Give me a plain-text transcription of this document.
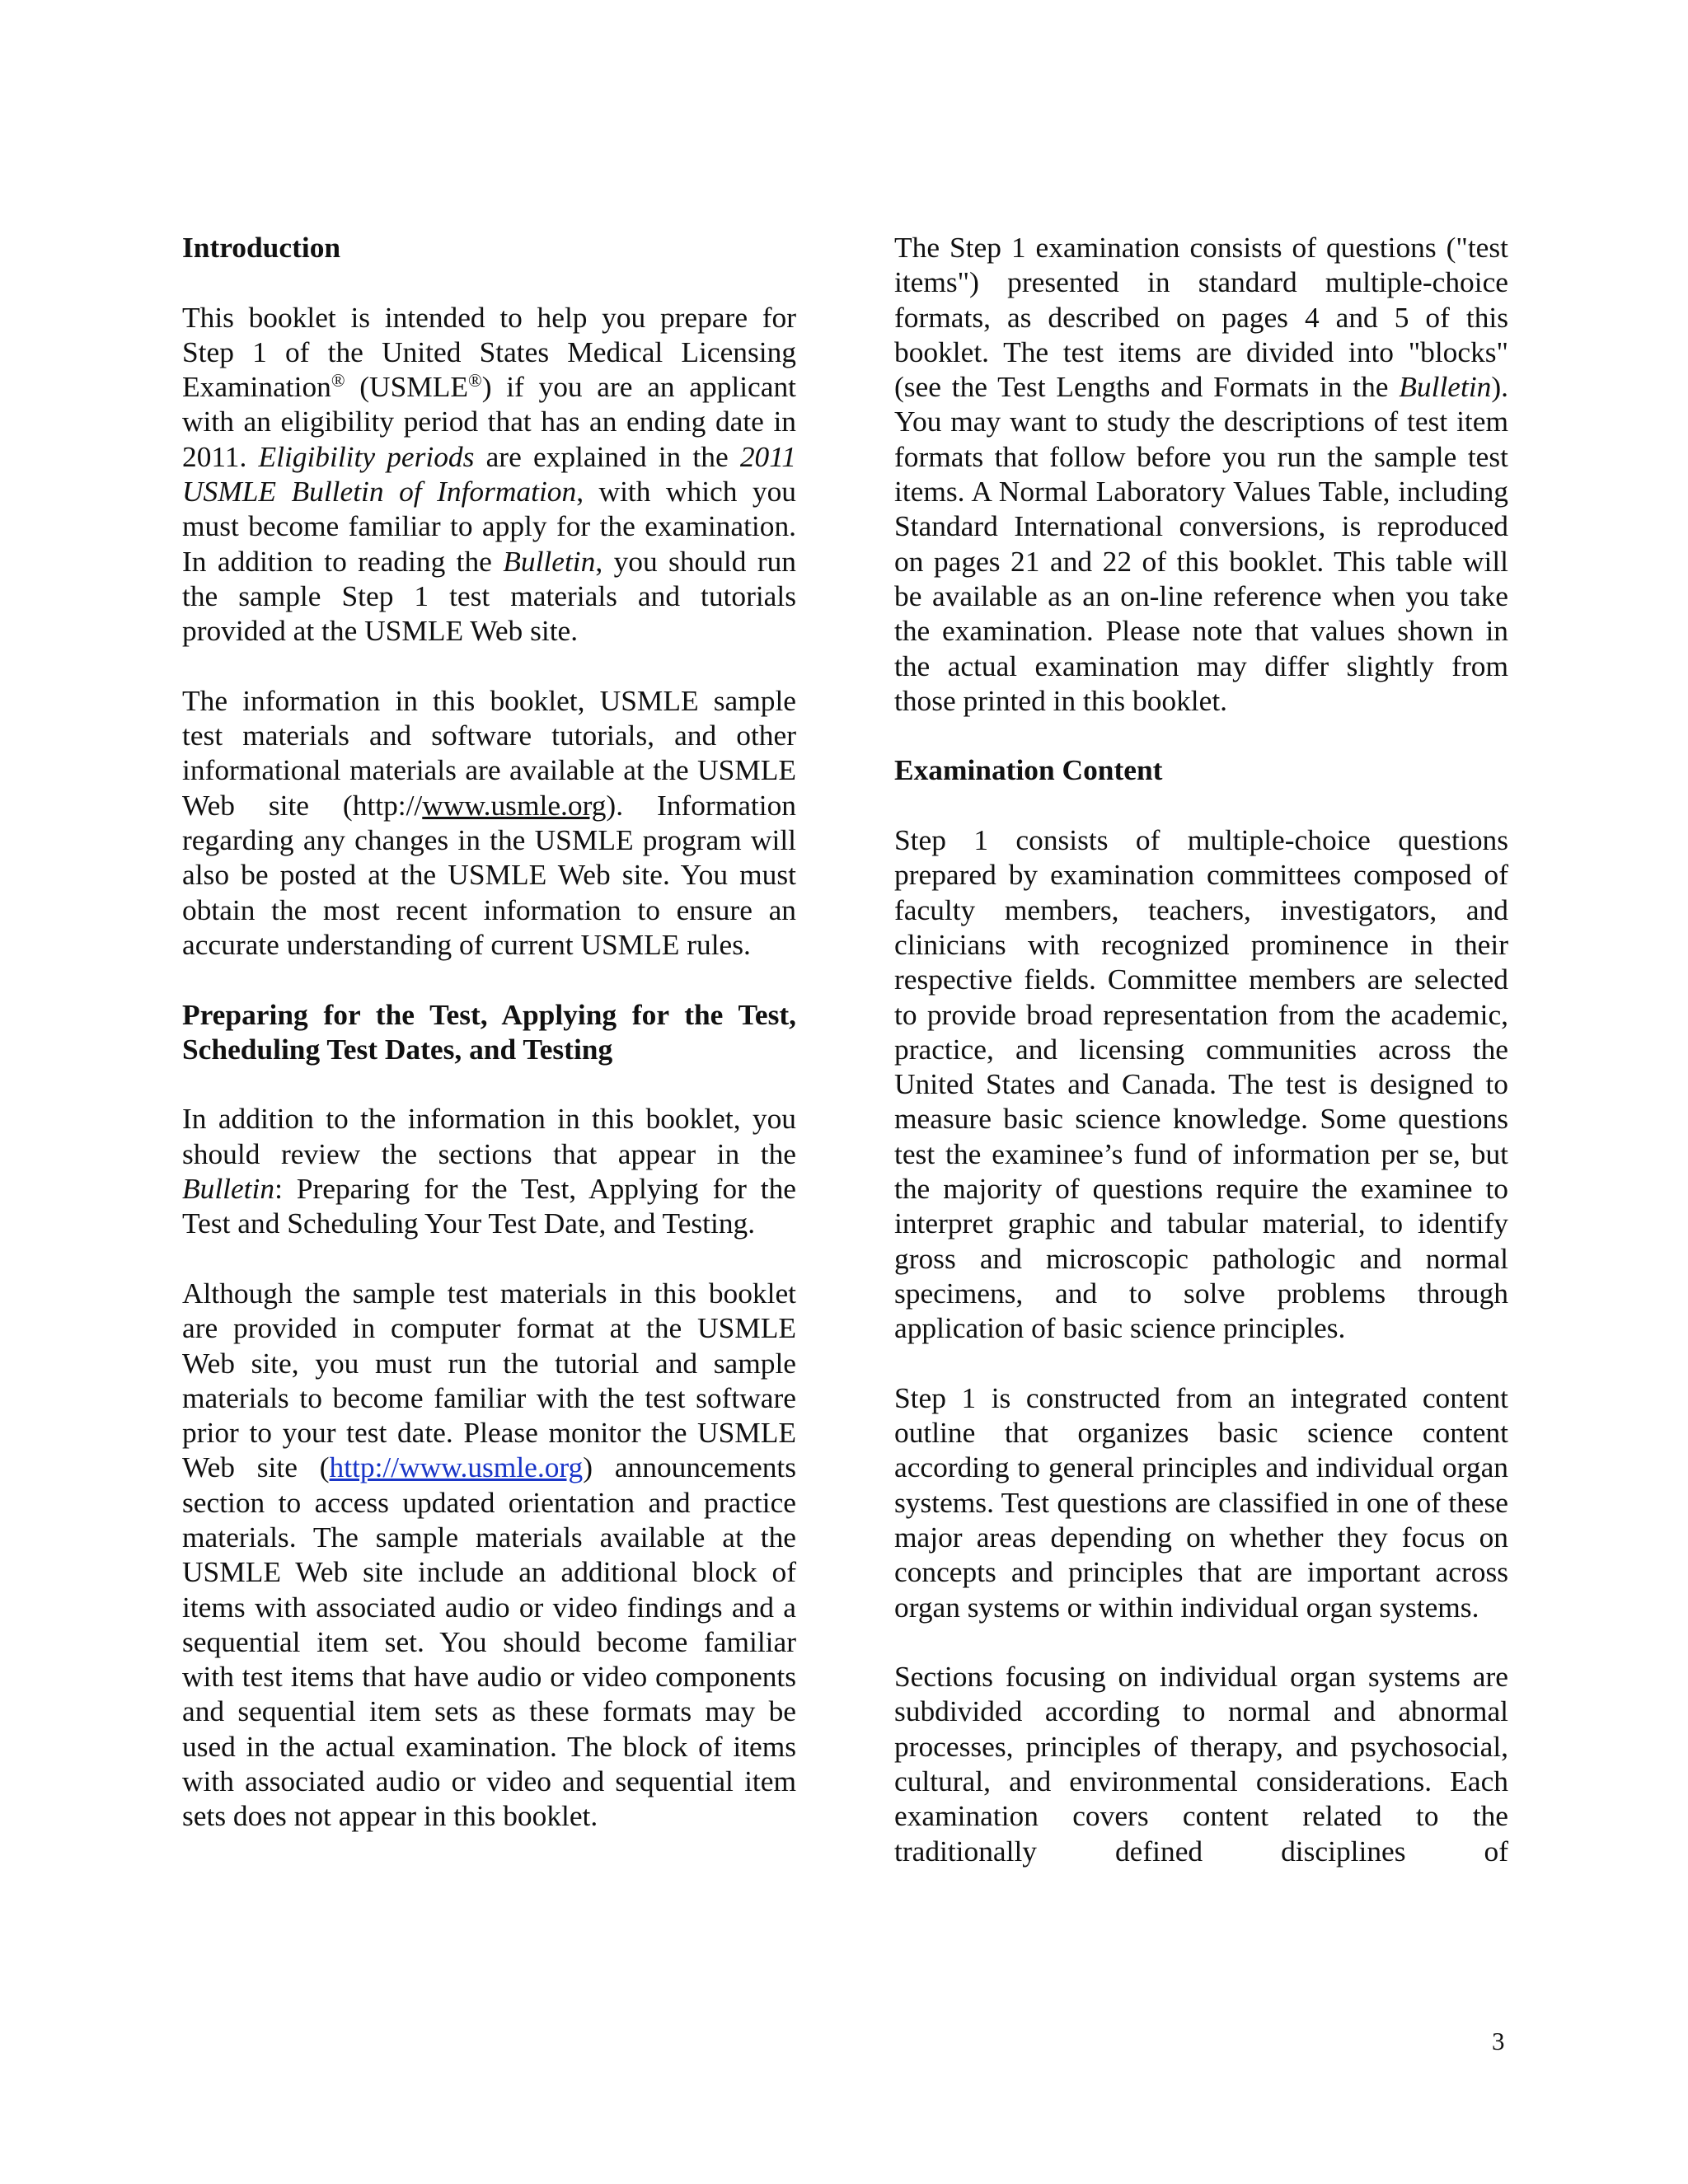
Introduction

This booklet is intended to help you prepare for Step 1 of the United States Medical Licensing Examination® (USMLE®) if you are an applicant with an eligibility period that has an ending date in 2011. Eligibility periods are explained in the 2011 USMLE Bulletin of Information, with which you must become familiar to apply for the examination. In addition to reading the Bulletin, you should run the sample Step 1 test materials and tutorials provided at the USMLE Web site.

The information in this booklet, USMLE sample test materials and software tutorials, and other informational materials are available at the USMLE Web site (http://www.usmle.org). Information regarding any changes in the USMLE program will also be posted at the USMLE Web site. You must obtain the most recent information to ensure an accurate understanding of current USMLE rules.

Preparing for the Test, Applying for the Test, Scheduling Test Dates, and Testing

In addition to the information in this booklet, you should review the sections that appear in the Bulletin: Preparing for the Test, Applying for the Test and Scheduling Your Test Date, and Testing.

Although the sample test materials in this booklet are provided in computer format at the USMLE Web site, you must run the tutorial and sample materials to become familiar with the test software prior to your test date. Please monitor the USMLE Web site (http://www.usmle.org) announcements section to access updated orientation and practice materials. The sample materials available at the USMLE Web site include an additional block of items with associated audio or video findings and a sequential item set. You should become familiar with test items that have audio or video components and sequential item sets as these formats may be used in the actual examination. The block of items with associated audio or video and sequential item sets does not appear in this booklet.

The Step 1 examination consists of questions ("test items") presented in standard multiple-choice formats, as described on pages 4 and 5 of this booklet. The test items are divided into "blocks" (see the Test Lengths and Formats in the Bulletin). You may want to study the descriptions of test item formats that follow before you run the sample test items. A Normal Laboratory Values Table, including Standard International conversions, is reproduced on pages 21 and 22 of this booklet. This table will be available as an on-line reference when you take the examination. Please note that values shown in the actual examination may differ slightly from those printed in this booklet.

Examination Content

Step 1 consists of multiple-choice questions prepared by examination committees composed of faculty members, teachers, investigators, and clinicians with recognized prominence in their respective fields. Committee members are selected to provide broad representation from the academic, practice, and licensing communities across the United States and Canada. The test is designed to measure basic science knowledge. Some questions test the examinee’s fund of information per se, but the majority of questions require the examinee to interpret graphic and tabular material, to identify gross and microscopic pathologic and normal specimens, and to solve problems through application of basic science principles.

Step 1 is constructed from an integrated content outline that organizes basic science content according to general principles and individual organ systems. Test questions are classified in one of these major areas depending on whether they focus on concepts and principles that are important across organ systems or within individual organ systems.

Sections focusing on individual organ systems are subdivided according to normal and abnormal processes, principles of therapy, and psychosocial, cultural, and environmental considerations. Each examination covers content related to the traditionally defined disciplines of

3
